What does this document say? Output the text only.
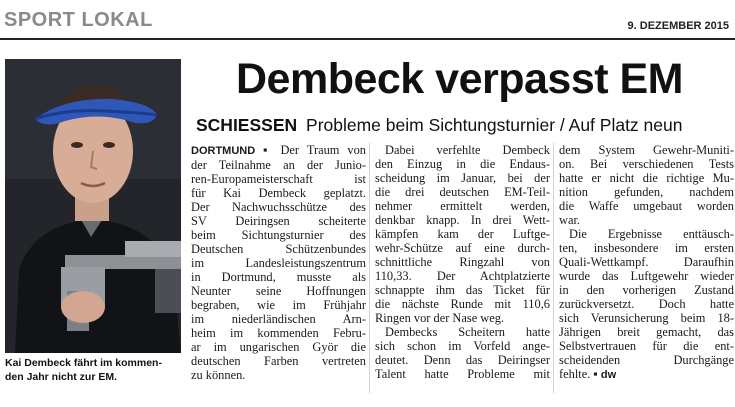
SPORT LOKAL	9. DEZEMBER 2015
Kai Dembeck fährt im kommen-
den Jahr nicht zur EM.
Dembeck verpasst EM
SCHIESSEN Probleme beim Sichtungsturnier / Auf Platz neun
DORTMUND ▪ Der Traum von
der Teilnahme an der Junio-
ren-Europameisterschaft ist
für Kai Dembeck geplatzt.
Der Nachwuchsschütze des
SV Deiringsen scheiterte
beim Sichtungsturnier des
Deutschen Schützenbundes
im Landesleistungszentrum
in Dortmund, musste als
Neunter seine Hoffnungen
begraben, wie im Frühjahr
im niederländischen Arn-
heim im kommenden Febru-
ar im ungarischen Györ die
deutschen Farben vertreten
zu können.
Dabei verfehlte Dembeck
den Einzug in die Endaus-
scheidung im Januar, bei der
die drei deutschen EM-Teil-
nehmer ermittelt werden,
denkbar knapp. In drei Wett-
kämpfen kam der Luftge-
wehr-Schütze auf eine durch-
schnittliche Ringzahl von
110,33. Der Achtplatzierte
schnappte ihm das Ticket für
die nächste Runde mit 110,6
Ringen vor der Nase weg.
Dembecks Scheitern hatte
sich schon im Vorfeld ange-
deutet. Denn das Deiringser
Talent hatte Probleme mit
dem System Gewehr-Muniti-
on. Bei verschiedenen Tests
hatte er nicht die richtige Mu-
nition gefunden, nachdem
die Waffe umgebaut worden
war.
Die Ergebnisse enttäusch-
ten, insbesondere im ersten
Quali-Wettkampf. Daraufhin
wurde das Luftgewehr wieder
in den vorherigen Zustand
zurückversetzt. Doch hatte
sich Verunsicherung beim 18-
Jährigen breit gemacht, das
Selbstvertrauen für die ent-
scheidenden Durchgänge
fehlte. ▪ dw
